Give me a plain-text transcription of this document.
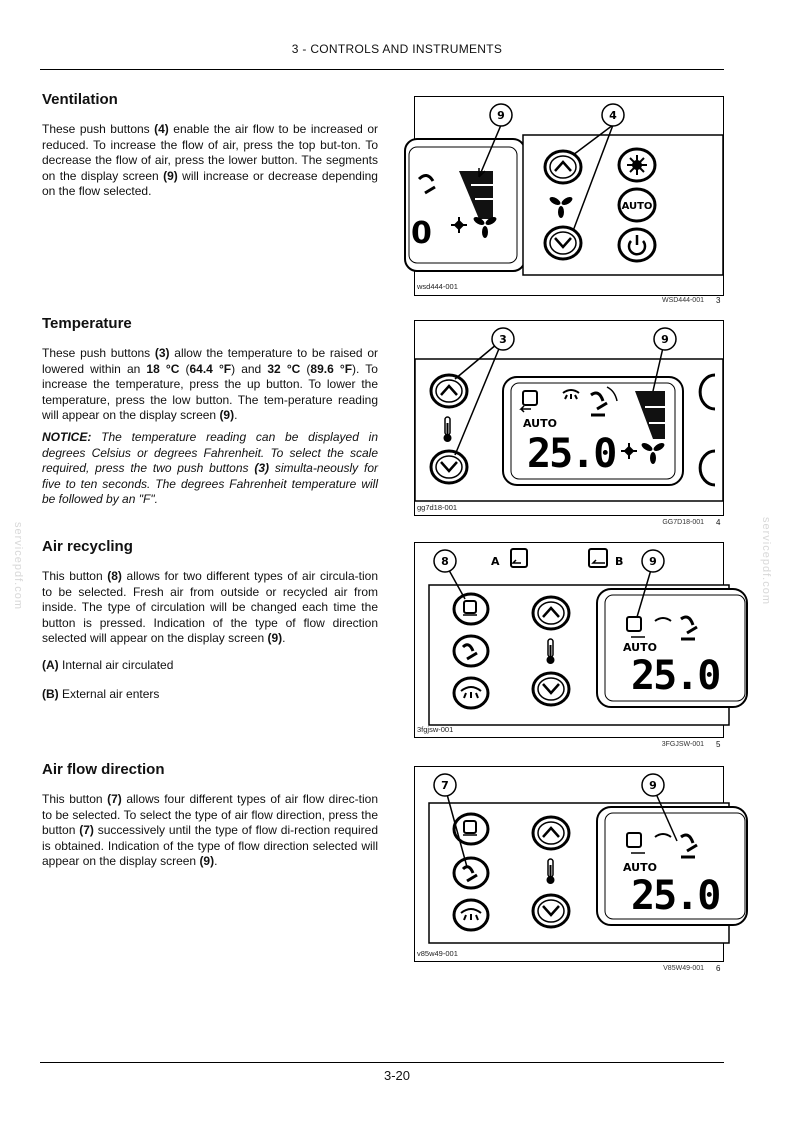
3 - CONTROLS AND INSTRUMENTS
servicepdf.com	servicepdf.com
Ventilation
These push buttons (4) enable the air flow to be increased or reduced. To increase the flow of air, press the top but-ton. To decrease the flow of air, press the lower button. The segments on the display screen (9) will increase or decrease depending on the flow selected.
0
AUTO
9	4
wsd444-001
WSD444-001 3
Temperature
These push buttons (3) allow the temperature to be raised or lowered within an 18 °C (64.4 °F) and 32 °C (89.6 °F). To increase the temperature, press the up button. To lower the temperature, press the low button. The tem-perature reading will appear on the display screen (9).
NOTICE: The temperature reading can be displayed in degrees Celsius or degrees Fahrenheit. To select the scale required, press the two push buttons (3) simulta-neously for five to ten seconds. The degrees Fahrenheit temperature will be followed by an "F".
AUTO
25.0
3	9
gg7d18-001
GG7D18-001 4
Air recycling
This button (8) allows for two different types of air circula-tion to be selected. Fresh air from outside or recycled air from inside. The type of circulation will be changed each time the button is pressed. Indication of the type of flow direction selected will appear on the display screen (9).
(A) Internal air circulated
(B) External air enters
AUTO
25.0
A	B
8	9
3fgjsw-001
3FGJSW-001 5
Air flow direction
This button (7) allows four different types of air flow direc-tion to be selected. To select the type of air flow direction, press the button (7) successively until the type of flow di-rection required is obtained. Indication of the type of flow direction selected will appear on the display screen (9).	AUTO
25.0
7	9
v85w49-001
V85W49-001 6
3-20
